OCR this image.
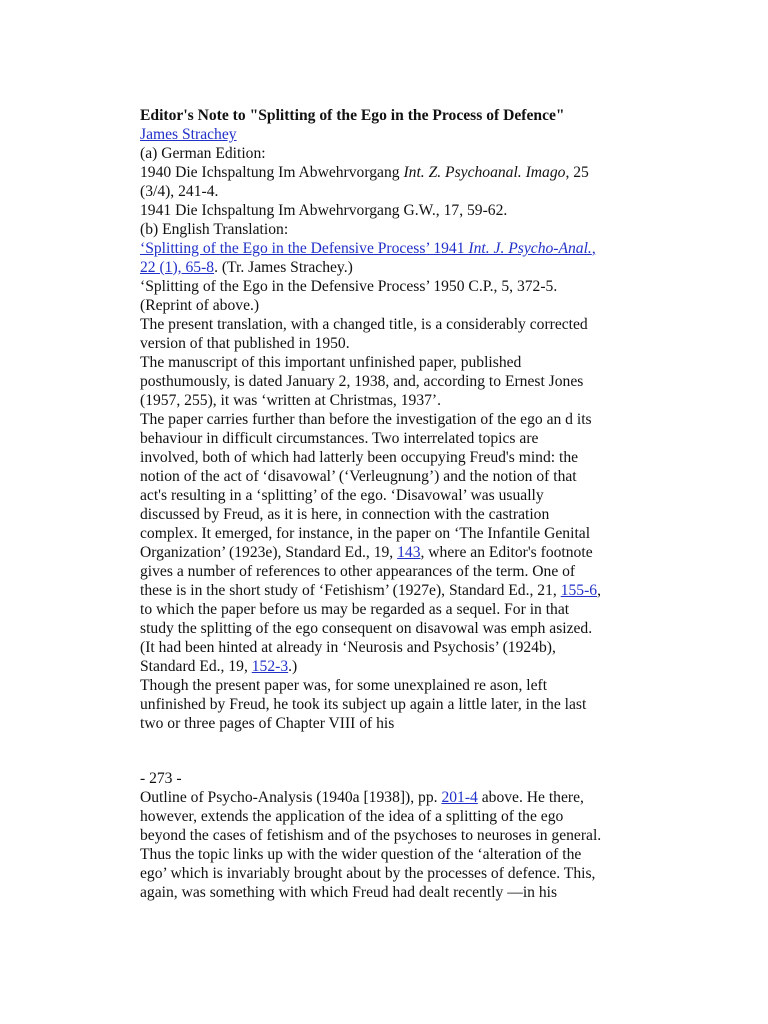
Editor's Note to "Splitting of the Ego in the Process of Defence"
James Strachey
(a) German Edition:
1940 Die Ichspaltung Im Abwehrvorgang Int. Z. Psychoanal. Imago, 25
(3/4), 241-4.
1941 Die Ichspaltung Im Abwehrvorgang G.W., 17, 59-62.
(b) English Translation:
‘Splitting of the Ego in the Defensive Process’ 1941 Int. J. Psycho-Anal.,
22 (1), 65-8. (Tr. James Strachey.)
‘Splitting of the Ego in the Defensive Process’ 1950 C.P., 5, 372-5.
(Reprint of above.)
The present translation, with a changed title, is a considerably corrected
version of that published in 1950.
The manuscript of this important unfinished paper, published
posthumously, is dated January 2, 1938, and, according to Ernest Jones
(1957, 255), it was ‘written at Christmas, 1937’.
The paper carries further than before the investigation of the ego an d its
behaviour in difficult circumstances. Two interrelated topics are
involved, both of which had latterly been occupying Freud's mind: the
notion of the act of ‘disavowal’ (‘Verleugnung’) and the notion of that
act's resulting in a ‘splitting’ of the ego. ‘Disavowal’ was usually
discussed by Freud, as it is here, in connection with the castration
complex. It emerged, for instance, in the paper on ‘The Infantile Genital
Organization’ (1923e), Standard Ed., 19, 143, where an Editor's footnote
gives a number of references to other appearances of the term. One of
these is in the short study of ‘Fetishism’ (1927e), Standard Ed., 21, 155-6,
to which the paper before us may be regarded as a sequel. For in that
study the splitting of the ego consequent on disavowal was emph asized.
(It had been hinted at already in ‘Neurosis and Psychosis’ (1924b),
Standard Ed., 19, 152-3.)
Though the present paper was, for some unexplained re ason, left
unfinished by Freud, he took its subject up again a little later, in the last
two or three pages of Chapter VIII of his
- 273 -
Outline of Psycho-Analysis (1940a [1938]), pp. 201-4 above. He there,
however, extends the application of the idea of a splitting of the ego
beyond the cases of fetishism and of the psychoses to neuroses in general.
Thus the topic links up with the wider question of the ‘alteration of the
ego’ which is invariably brought about by the processes of defence. This,
again, was something with which Freud had dealt recently —in his
